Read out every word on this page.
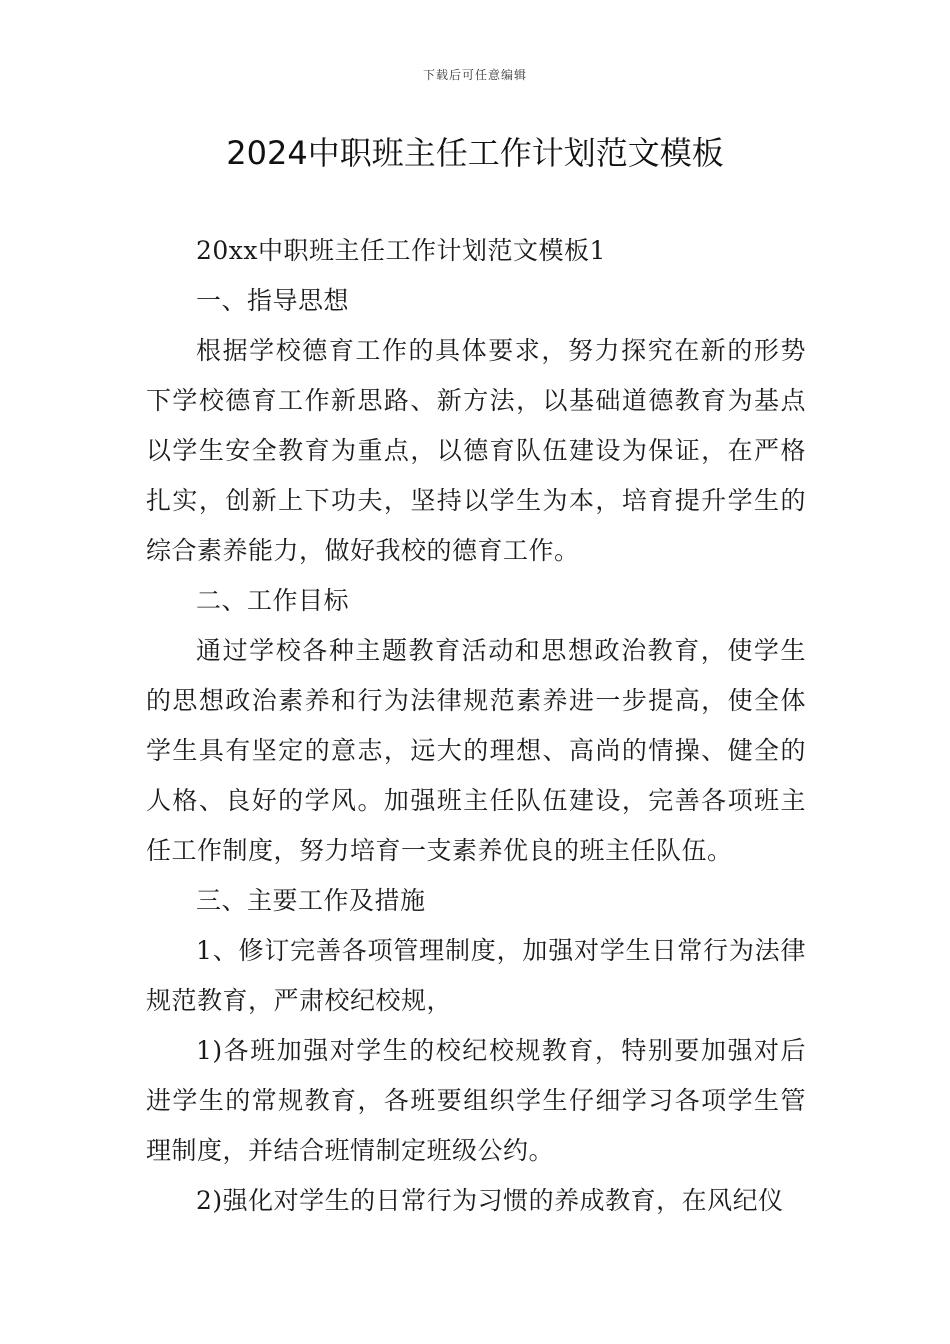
下载后可任意编辑
2024中职班主任工作计划范文模板

20xx中职班主任工作计划范文模板1

一、指导思想

根据学校德育工作的具体要求，努力探究在新的形势下学校德育工作新思路、新方法，以基础道德教育为基点以学生安全教育为重点，以德育队伍建设为保证，在严格扎实，创新上下功夫，坚持以学生为本，培育提升学生的综合素养能力，做好我校的德育工作。

二、工作目标

通过学校各种主题教育活动和思想政治教育，使学生的思想政治素养和行为法律规范素养进一步提高，使全体学生具有坚定的意志，远大的理想、高尚的情操、健全的人格、良好的学风。加强班主任队伍建设，完善各项班主任工作制度，努力培育一支素养优良的班主任队伍。

三、主要工作及措施

1、修订完善各项管理制度，加强对学生日常行为法律规范教育，严肃校纪校规，

1)各班加强对学生的校纪校规教育，特别要加强对后进学生的常规教育，各班要组织学生仔细学习各项学生管理制度，并结合班情制定班级公约。

2)强化对学生的日常行为习惯的养成教育，在风纪仪
